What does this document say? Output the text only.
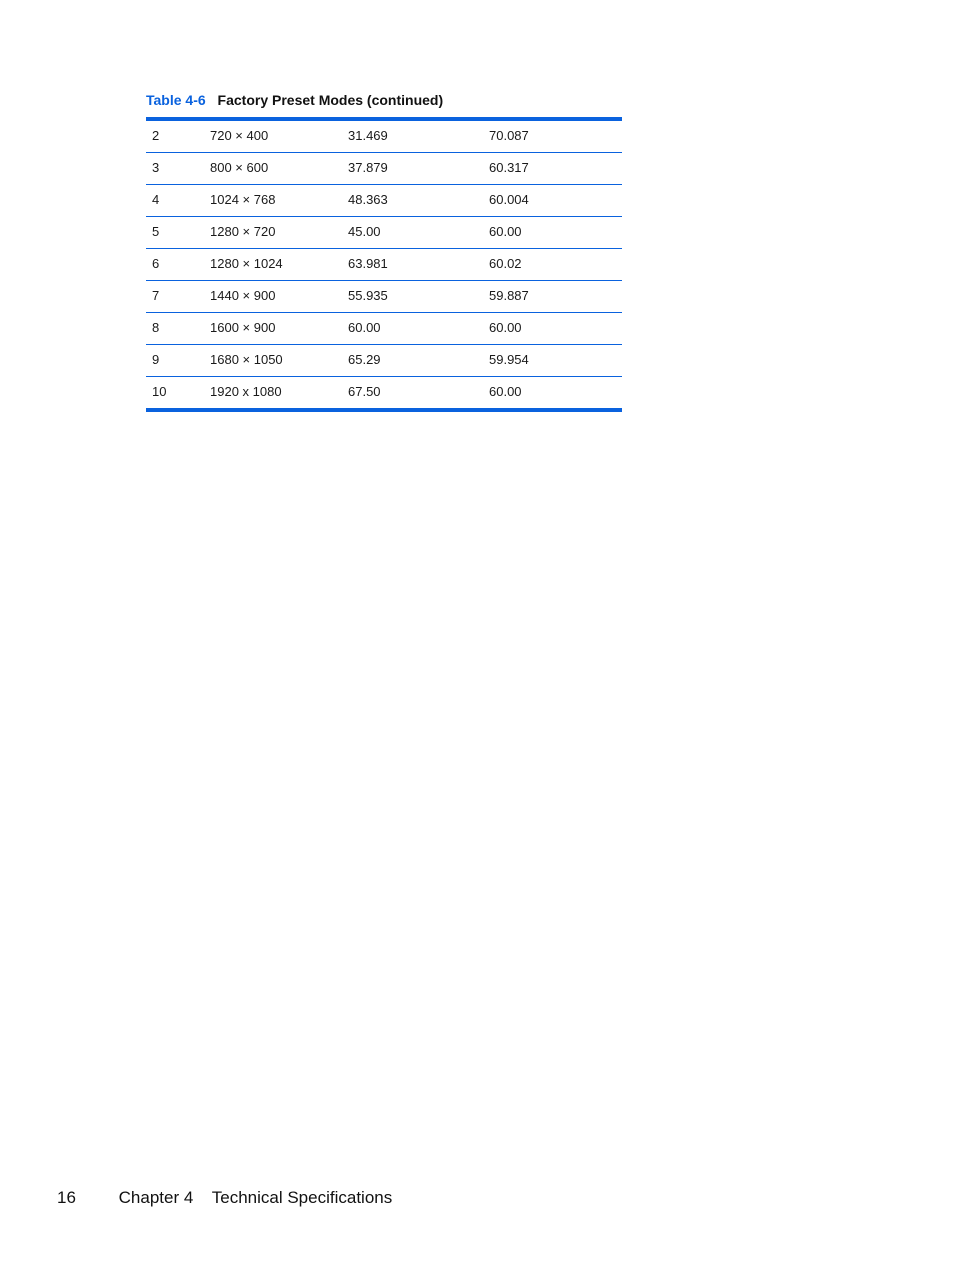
Table 4-6 Factory Preset Modes (continued)
2	720 × 400	31.469	70.087
3	800 × 600	37.879	60.317
4	1024 × 768	48.363	60.004
5	1280 × 720	45.00	60.00
6	1280 × 1024	63.981	60.02
7	1440 × 900	55.935	59.887
8	1600 × 900	60.00	60.00
9	1680 × 1050	65.29	59.954
10	1920 x 1080	67.50	60.00
16	Chapter 4 Technical Specifications
